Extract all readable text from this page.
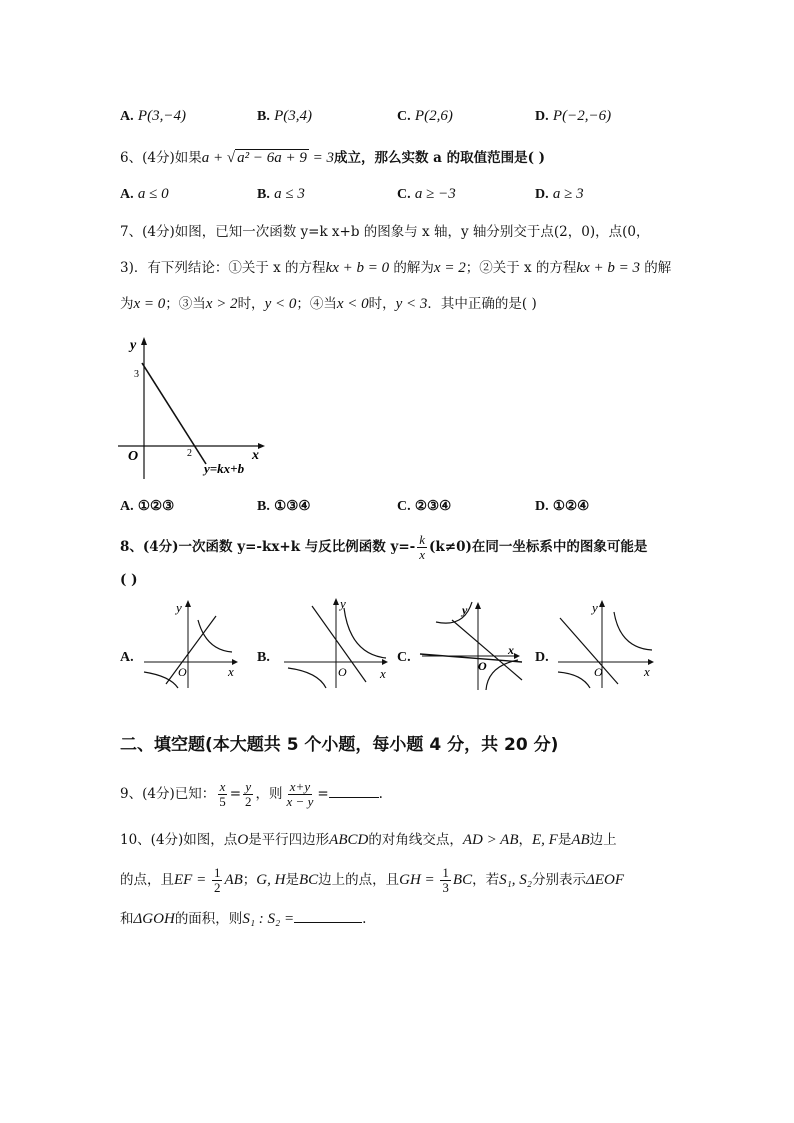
A. P(3,−4)	B. P(3,4)	C. P(2,6)	D. P(−2,−6)
6、(4分)如果a + √ a² − 6a + 9 = 3成立，那么实数 a 的取值范围是( )
A. a ≤ 0	B. a ≤ 3	C. a ≥ −3	D. a ≥ 3
7、(4分)如图，已知一次函数 y=k x+b 的图象与 x 轴，y 轴分别交于点(2，0)，点(0，
3)．有下列结论：①关于 x 的方程kx + b = 0 的解为x = 2；②关于 x 的方程kx + b = 3 的解
为x = 0；③当x > 2时，y < 0；④当x < 0时，y < 3．其中正确的是( )
y
x
O
3
2
y=kx+b
A. ①②③	B. ①③④	C. ②③④	D. ①②④
8、(4分)一次函数 y=-kx+k 与反比例函数 $y=- \frac{k}{x} (k\ne 0)$在同一坐标系中的图象可能是
( )
A.	B.	C.	D.
y
x
O
y
x
O
y
x
O
y
x
O
二、填空题(本大题共 5 个小题，每小题 4 分，共 20 分)
9、(4分)已知： $\frac{x}{5} = \frac{y}{2}$ ，则 $\frac{x+y}{x - y}$ =	.
10、(4分)如图，点O是平行四边形ABCD的对角线交点，AD > AB，E, F是AB边上
的点，且EF = $\frac{1}{2}$ AB；G, H是BC边上的点，且GH = $\frac{1}{3}$ BC，若S₁, S₂分别表示ΔEOF
和ΔGOH的面积，则S₁ : S₂ =	.
